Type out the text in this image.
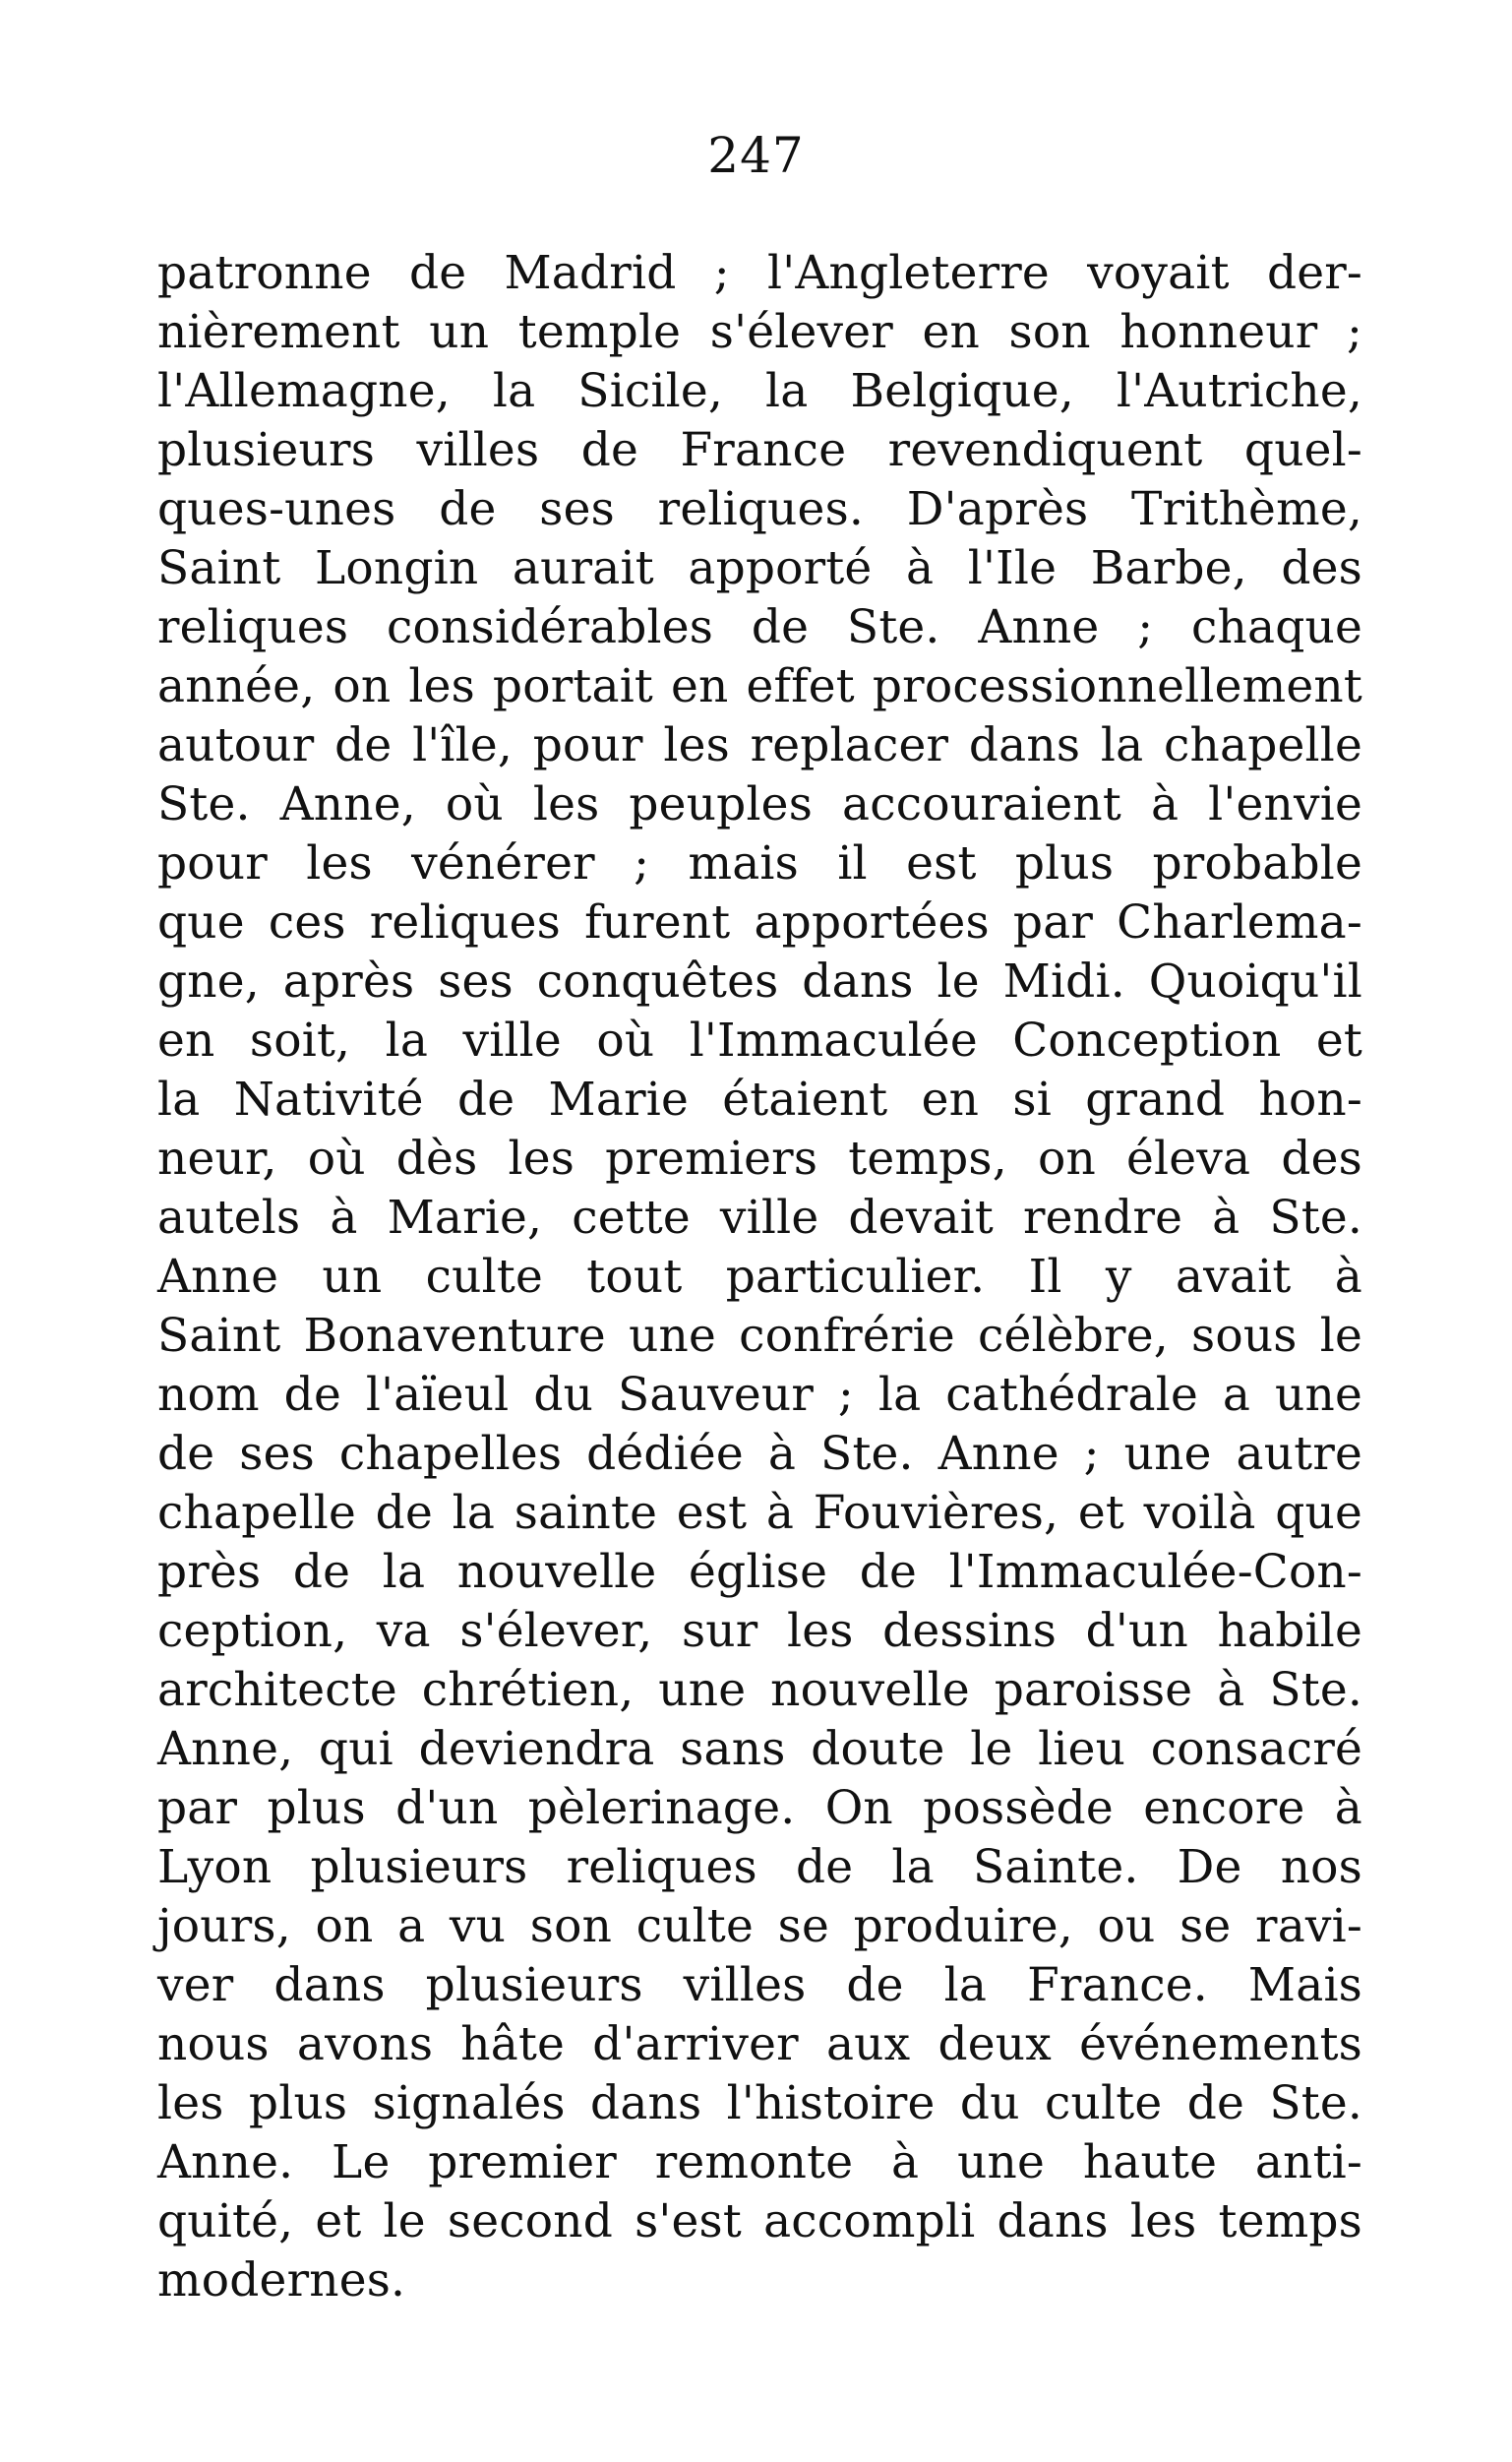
247
patronne de Madrid ; l'Angleterre voyait der-
nièrement un temple s'élever en son honneur ;
l'Allemagne, la Sicile, la Belgique, l'Autriche,
plusieurs villes de France revendiquent quel-
ques-unes de ses reliques. D'après Trithème,
Saint Longin aurait apporté à l'Ile Barbe, des
reliques considérables de Ste. Anne ; chaque
année, on les portait en effet processionnellement
autour de l'île, pour les replacer dans la chapelle
Ste. Anne, où les peuples accouraient à l'envie
pour les vénérer ; mais il est plus probable
que ces reliques furent apportées par Charlema-
gne, après ses conquêtes dans le Midi. Quoiqu'il
en soit, la ville où l'Immaculée Conception et
la Nativité de Marie étaient en si grand hon-
neur, où dès les premiers temps, on éleva des
autels à Marie, cette ville devait rendre à Ste.
Anne un culte tout particulier. Il y avait à
Saint Bonaventure une confrérie célèbre, sous le
nom de l'aïeul du Sauveur ; la cathédrale a une
de ses chapelles dédiée à Ste. Anne ; une autre
chapelle de la sainte est à Fouvières, et voilà que
près de la nouvelle église de l'Immaculée-Con-
ception, va s'élever, sur les dessins d'un habile
architecte chrétien, une nouvelle paroisse à Ste.
Anne, qui deviendra sans doute le lieu consacré
par plus d'un pèlerinage. On possède encore à
Lyon plusieurs reliques de la Sainte. De nos
jours, on a vu son culte se produire, ou se ravi-
ver dans plusieurs villes de la France. Mais
nous avons hâte d'arriver aux deux événements
les plus signalés dans l'histoire du culte de Ste.
Anne. Le premier remonte à une haute anti-
quité, et le second s'est accompli dans les temps
modernes.
